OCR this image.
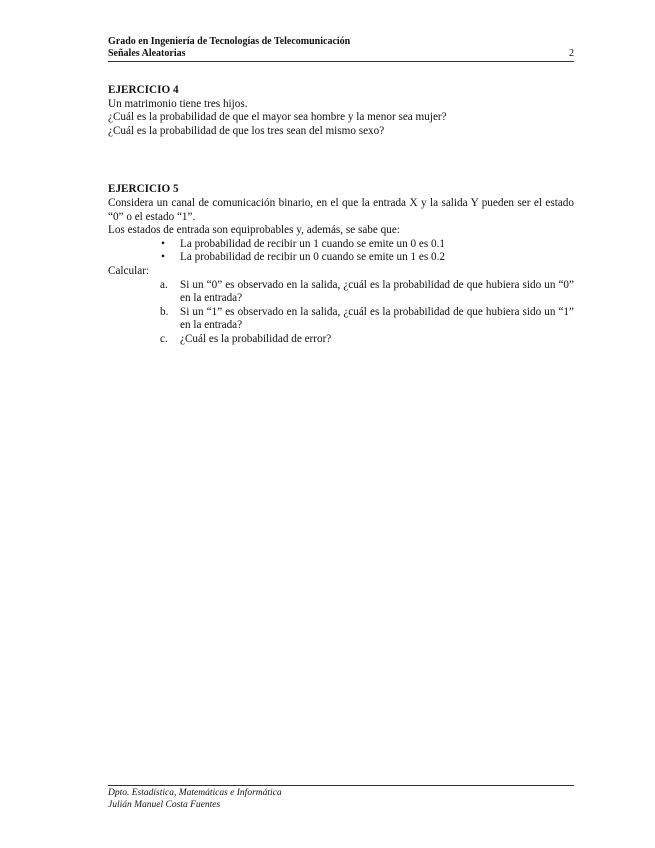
Grado en Ingeniería de Tecnologías de Telecomunicación
Señales Aleatorias	2
EJERCICIO 4
Un matrimonio tiene tres hijos.
¿Cuál es la probabilidad de que el mayor sea hombre y la menor sea mujer?
¿Cuál es la probabilidad de que los tres sean del mismo sexo?
EJERCICIO 5
Considera un canal de comunicación binario, en el que la entrada X y la salida Y pueden ser el estado “0” o el estado “1”.
Los estados de entrada son equiprobables y, además, se sabe que:
• La probabilidad de recibir un 1 cuando se emite un 0 es 0.1
• La probabilidad de recibir un 0 cuando se emite un 1 es 0.2
Calcular:
a. Si un “0” es observado en la salida, ¿cuál es la probabilidad de que hubiera sido un “0” en la entrada?
b. Si un “1” es observado en la salida, ¿cuál es la probabilidad de que hubiera sido un “1” en la entrada?
c. ¿Cuál es la probabilidad de error?
Dpto. Estadística, Matemáticas e Informática
Julián Manuel Costa Fuentes
